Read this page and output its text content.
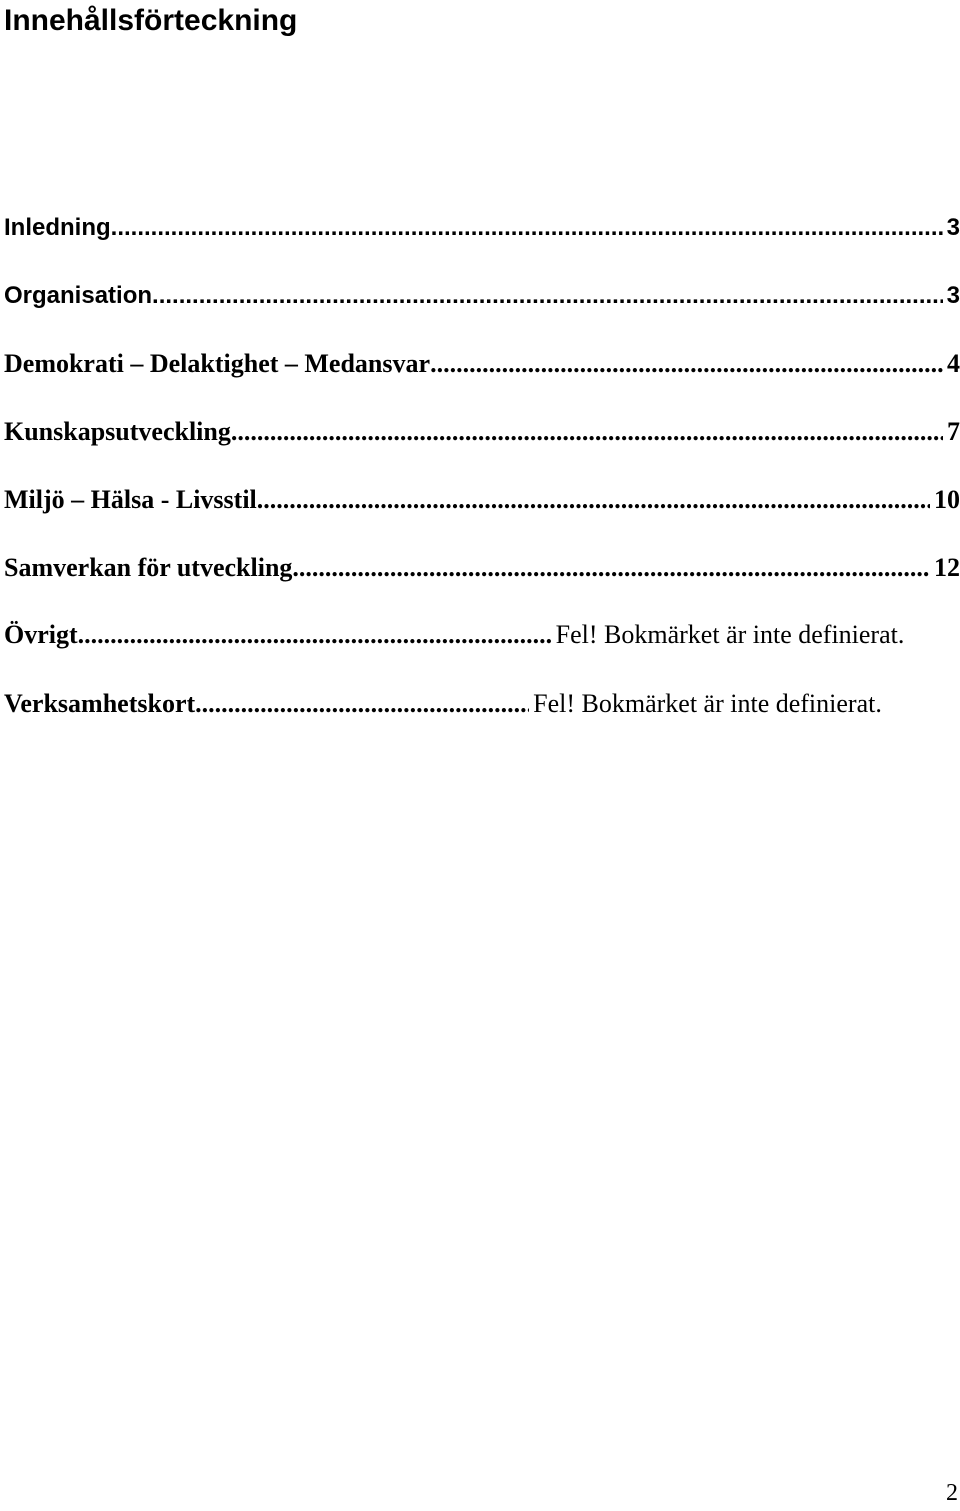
Innehållsförteckning
Inledning .....	3
Organisation .....	3
Demokrati – Delaktighet – Medansvar .....	4
Kunskapsutveckling .....	7
Miljö – Hälsa - Livsstil .....	10
Samverkan för utveckling .....	12
Övrigt .....	Fel! Bokmärket är inte definierat.
Verksamhetskort .....	Fel! Bokmärket är inte definierat.
2
